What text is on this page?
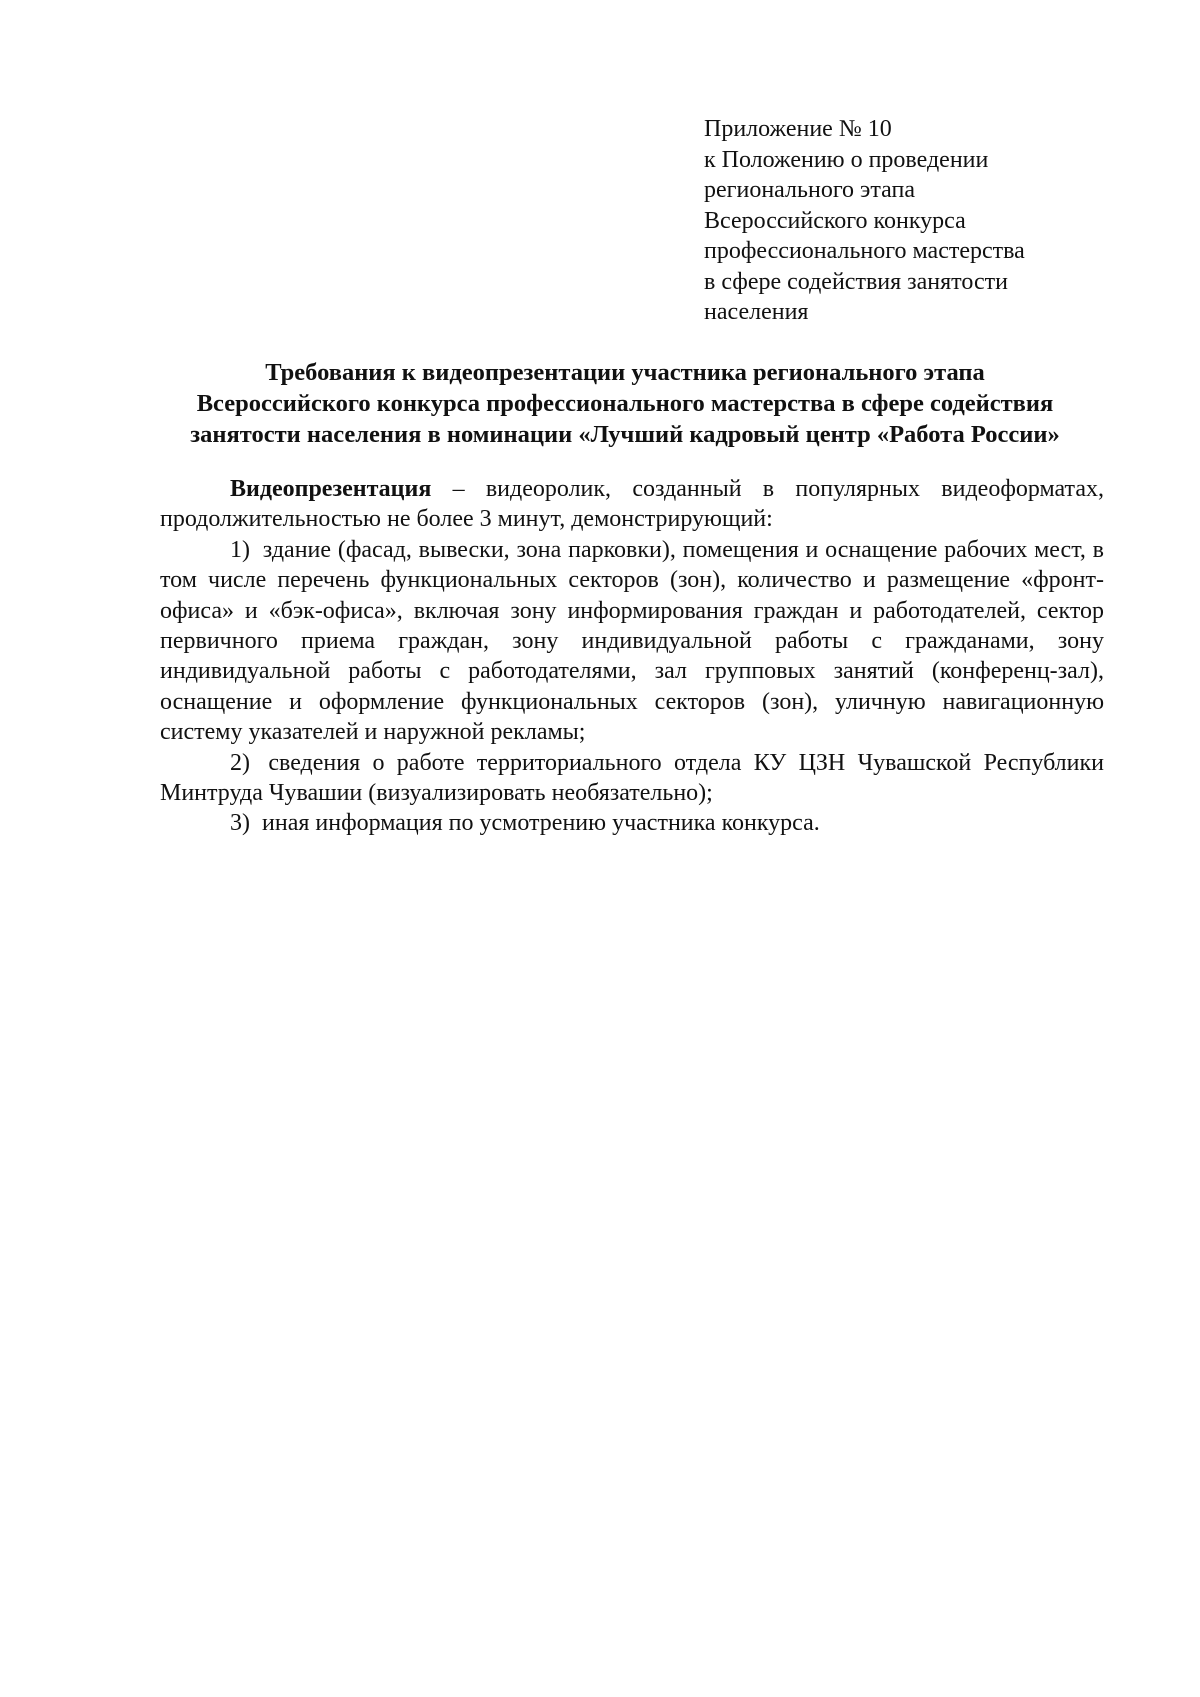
Приложение № 10
к Положению о проведении
регионального этапа
Всероссийского конкурса
профессионального мастерства
в сфере содействия занятости
населения
Требования к видеопрезентации участника регионального этапа
Всероссийского конкурса профессионального мастерства в сфере содействия
занятости населения в номинации «Лучший кадровый центр «Работа России»

Видеопрезентация – видеоролик, созданный в популярных видеоформатах, продолжительностью не более 3 минут, демонстрирующий:

1) здание (фасад, вывески, зона парковки), помещения и оснащение рабочих мест, в том числе перечень функциональных секторов (зон), количество и размещение «фронт-офиса» и «бэк-офиса», включая зону информирования граждан и работодателей, сектор первичного приема граждан, зону индивидуальной работы с гражданами, зону индивидуальной работы с работодателями, зал групповых занятий (конференц-зал), оснащение и оформление функциональных секторов (зон), уличную навигационную систему указателей и наружной рекламы;

2) сведения о работе территориального отдела КУ ЦЗН Чувашской Республики Минтруда Чувашии (визуализировать необязательно);

3) иная информация по усмотрению участника конкурса.
